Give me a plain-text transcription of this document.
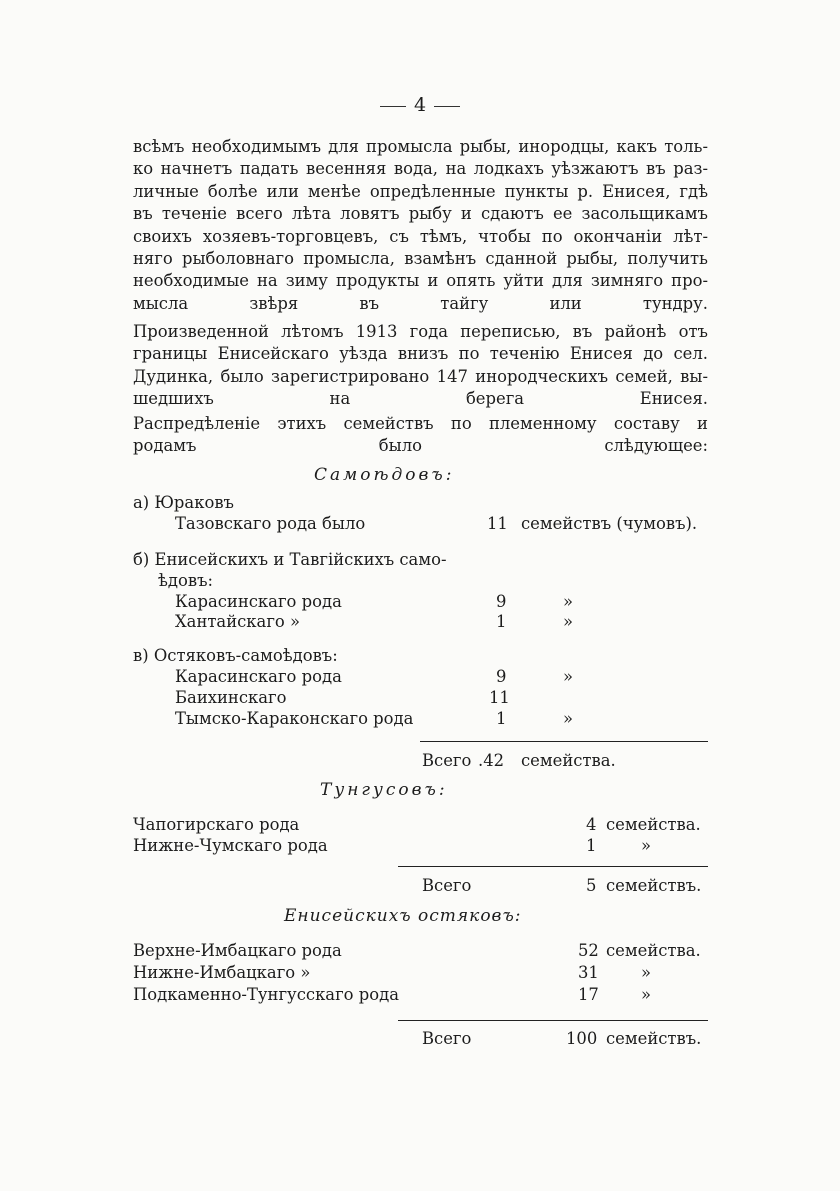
4
всѣмъ необходимымъ для промысла рыбы, инородцы, какъ толь-
ко начнетъ падать весенняя вода, на лодкахъ уѣзжаютъ въ раз-
личные болѣе или менѣе опредѣленные пункты р. Енисея, гдѣ
въ теченіе всего лѣта ловятъ рыбу и сдаютъ ее засольщикамъ
своихъ хозяевъ-торговцевъ, съ тѣмъ, чтобы по окончаніи лѣт-
няго рыболовнаго промысла, взамѣнъ сданной рыбы, получить
необходимые на зиму продукты и опять уйти для зимняго про-
мысла звѣря въ тайгу или тундру.
Произведенной лѣтомъ 1913 года переписью, въ районѣ отъ
границы Енисейскаго уѣзда внизъ по теченію Енисея до сел.
Дудинка, было зарегистрировано 147 инородческихъ семей, вы-
шедшихъ на берега Енисея.
Распредѣленіе этихъ семействъ по племенному составу и
родамъ было слѣдующее:
Самоѣдовъ:
а) Юраковъ
Тазовскаго рода было	11 семействъ (чумовъ).
б) Енисейскихъ и Тавгійскихъ само-
ѣдовъ:
Карасинскаго рода	9	»
Хантайскаго »	1	»
в) Остяковъ-самоѣдовъ:
Карасинскаго рода	9	»
Баихинскаго	11
Тымско-Караконскаго рода	1	»
Всего .42 семейства.
Тунгусовъ:
Чапогирскаго рода	4 семейства.
Нижне-Чумскаго рода	1	»
Всего	5 семействъ.
Енисейскихъ остяковъ:
Верхне-Имбацкаго рода	52 семейства.
Нижне-Имбацкаго »	31	»
Подкаменно-Тунгусскаго рода	17	»
Всего	100 семействъ.
